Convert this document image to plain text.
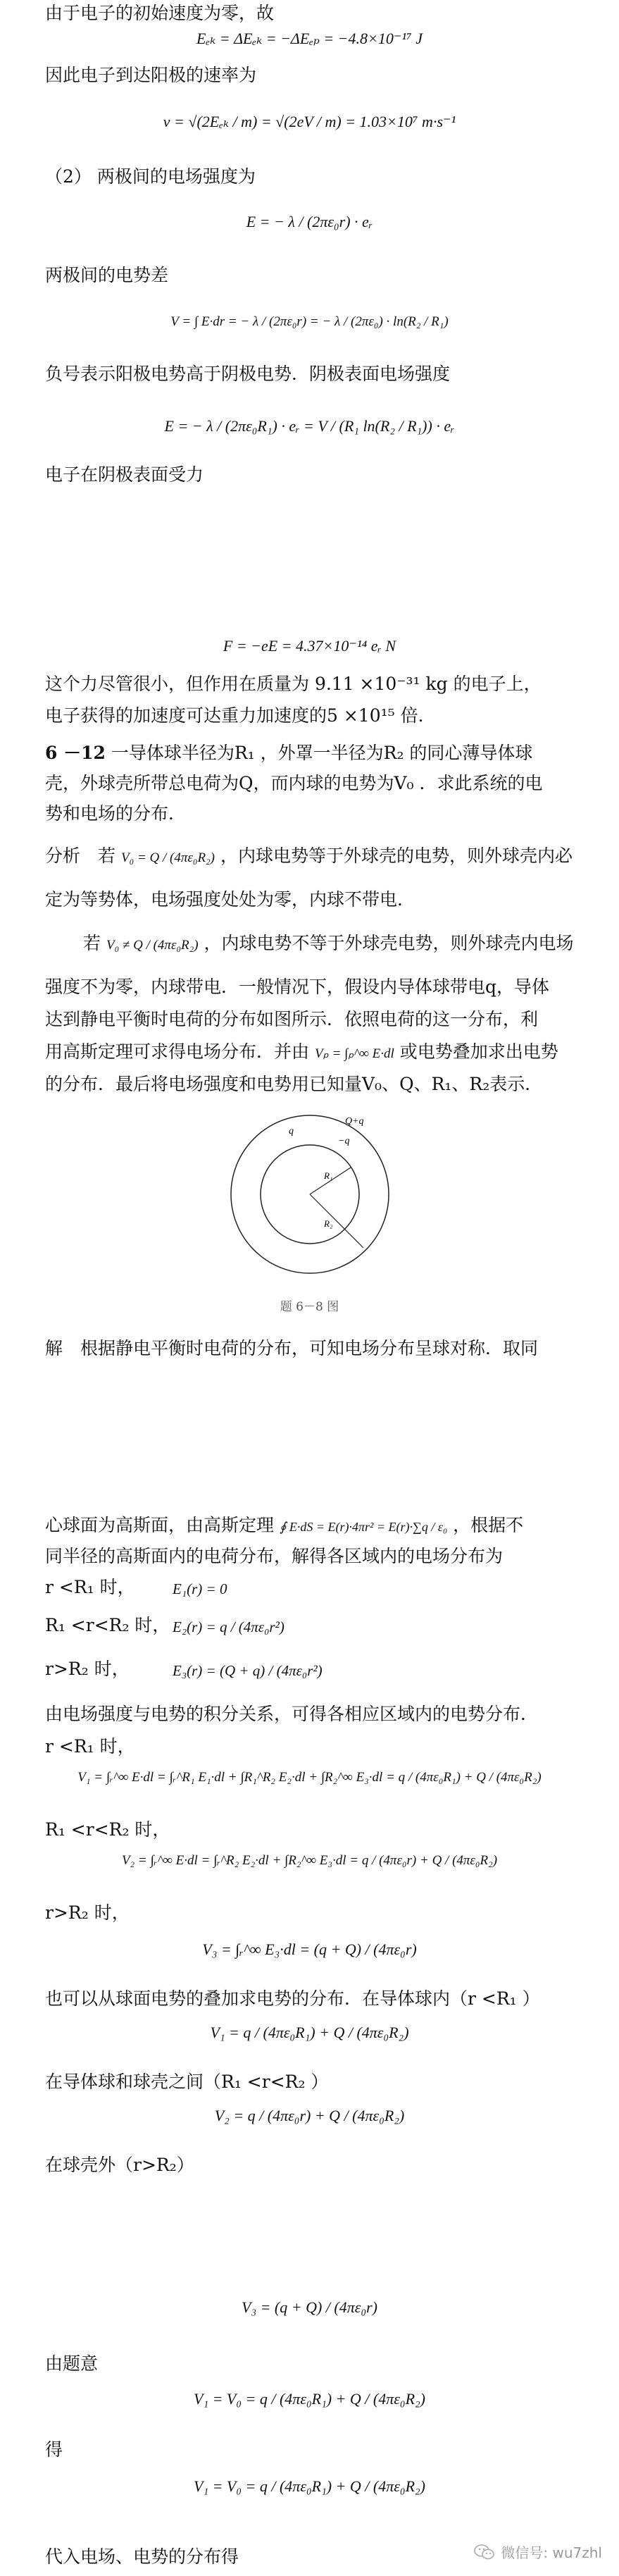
由于电子的初始速度为零，故
Eₑₖ = ΔEₑₖ = −ΔEₑₚ = −4.8×10⁻¹⁷ J
因此电子到达阳极的速率为
v = √(2Eₑₖ / m) = √(2eV / m) = 1.03×10⁷ m·s⁻¹
（2） 两极间的电场强度为
E = − λ / (2πε₀r) · eᵣ
两极间的电势差
V = ∫ E·dr = − λ / (2πε₀r) = − λ / (2πε₀) · ln(R₂ / R₁)
负号表示阳极电势高于阴极电势．阴极表面电场强度
E = − λ / (2πε₀R₁) · eᵣ = V / (R₁ ln(R₂ / R₁)) · eᵣ
电子在阴极表面受力
F = −eE = 4.37×10⁻¹⁴ eᵣ N
这个力尽管很小，但作用在质量为 9.11 ×10⁻³¹ kg 的电子上，
电子获得的加速度可达重力加速度的5 ×10¹⁵ 倍．
6 －12 一导体球半径为R₁ ，外罩一半径为R₂ 的同心薄导体球
壳，外球壳所带总电荷为Q，而内球的电势为V₀ ．求此系统的电
势和电场的分布．
分析　若 V₀ = Q / (4πε₀R₂) ，内球电势等于外球壳的电势，则外球壳内必
定为等势体，电场强度处处为零，内球不带电．
若 V₀ ≠ Q / (4πε₀R₂) ，内球电势不等于外球壳电势，则外球壳内电场
强度不为零，内球带电．一般情况下，假设内导体球带电q，导体
达到静电平衡时电荷的分布如图所示．依照电荷的这一分布，利
用高斯定理可求得电场分布．并由 Vₚ = ∫ₚ^∞ E·dl 或电势叠加求出电势
的分布．最后将电场强度和电势用已知量V₀、Q、R₁、R₂表示．
q
Q+q
−q
R₁
R₂
题 6－8 图
解　根据静电平衡时电荷的分布，可知电场分布呈球对称．取同
心球面为高斯面，由高斯定理 ∮ E·dS = E(r)·4πr² = E(r)·∑q / ε₀ ，根据不
同半径的高斯面内的电荷分布，解得各区域内的电场分布为
r <R₁ 时，	E₁(r) = 0
R₁ <r<R₂ 时， E₂(r) = q / (4πε₀r²)
r>R₂ 时，	E₃(r) = (Q + q) / (4πε₀r²)
由电场强度与电势的积分关系，可得各相应区域内的电势分布．
r <R₁ 时，
V₁ = ∫ᵣ^∞ E·dl = ∫ᵣ^R₁ E₁·dl + ∫R₁^R₂ E₂·dl + ∫R₂^∞ E₃·dl = q / (4πε₀R₁) + Q / (4πε₀R₂)
R₁ <r<R₂ 时，
V₂ = ∫ᵣ^∞ E·dl = ∫ᵣ^R₂ E₂·dl + ∫R₂^∞ E₃·dl = q / (4πε₀r) + Q / (4πε₀R₂)
r>R₂ 时，
V₃ = ∫ᵣ^∞ E₃·dl = (q + Q) / (4πε₀r)
也可以从球面电势的叠加求电势的分布．在导体球内（r <R₁ ）
V₁ = q / (4πε₀R₁) + Q / (4πε₀R₂)
在导体球和球壳之间（R₁ <r<R₂ ）
V₂ = q / (4πε₀r) + Q / (4πε₀R₂)
在球壳外（r>R₂）
V₃ = (q + Q) / (4πε₀r)
由题意
V₁ = V₀ = q / (4πε₀R₁) + Q / (4πε₀R₂)
得
V₁ = V₀ = q / (4πε₀R₁) + Q / (4πε₀R₂)
代入电场、电势的分布得	微信号: wu7zhl
